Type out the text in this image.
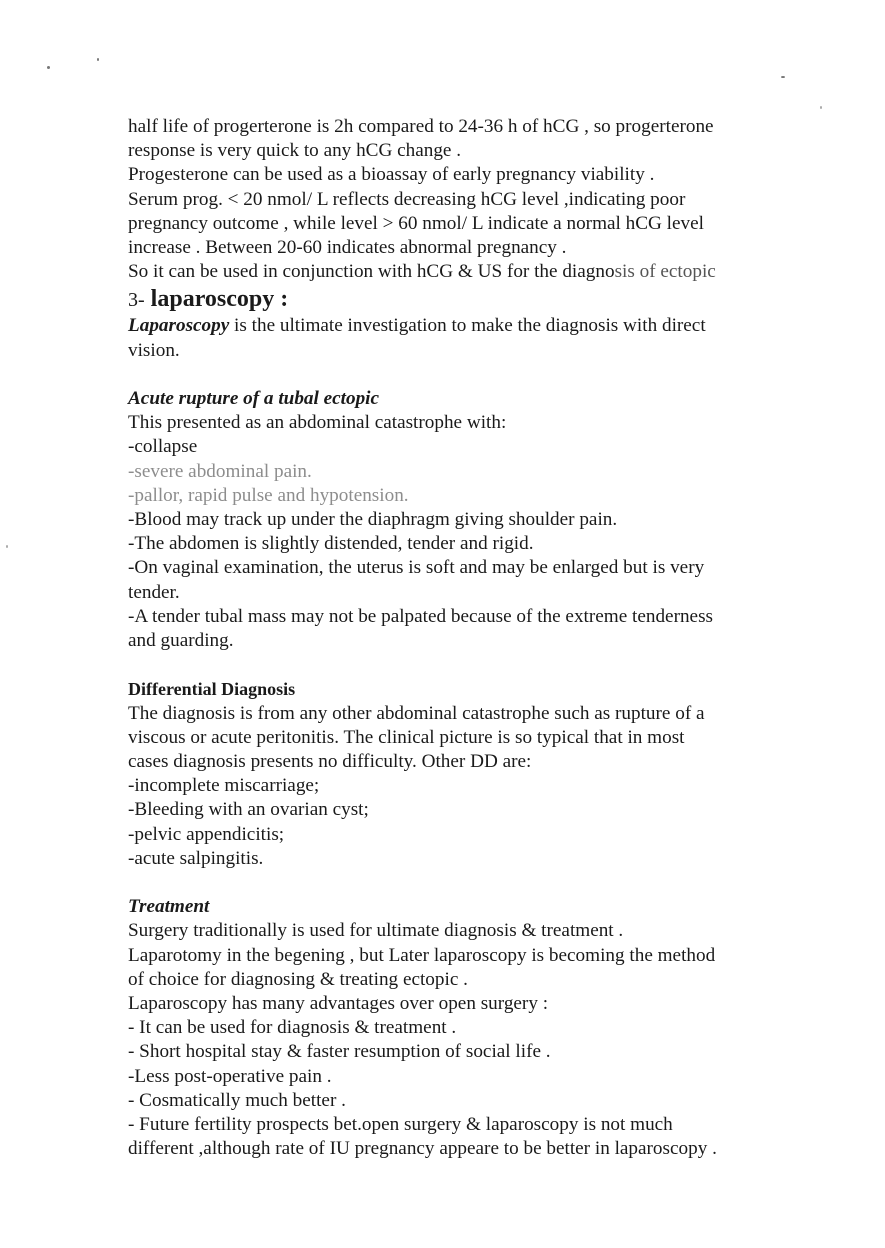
half life of progerterone is 2h compared to 24-36 h of hCG , so progerterone
response is very quick to any hCG change .
Progesterone can be used as a bioassay of early pregnancy viability .
Serum prog. < 20 nmol/ L reflects decreasing hCG level ,indicating poor
pregnancy outcome , while level > 60 nmol/ L indicate a normal hCG level
increase . Between 20-60 indicates abnormal pregnancy .
So it can be used in conjunction with hCG & US for the diagnosis of ectopic
3- laparoscopy :
Laparoscopy is the ultimate investigation to make the diagnosis with direct
vision.
Acute rupture of a tubal ectopic
This presented as an abdominal catastrophe with:
-collapse
-severe abdominal pain.
-pallor, rapid pulse and hypotension.
-Blood may track up under the diaphragm giving shoulder pain.
-The abdomen is slightly distended, tender and rigid.
-On vaginal examination, the uterus is soft and may be enlarged but is very
tender.
-A tender tubal mass may not be palpated because of the extreme tenderness
and guarding.
Differential Diagnosis
The diagnosis is from any other abdominal catastrophe such as rupture of a
viscous or acute peritonitis. The clinical picture is so typical that in most
cases diagnosis presents no difficulty. Other DD are:
-incomplete miscarriage;
-Bleeding with an ovarian cyst;
-pelvic appendicitis;
-acute salpingitis.
Treatment
Surgery traditionally is used for ultimate diagnosis & treatment .
Laparotomy in the begening , but Later laparoscopy is becoming the method
of choice for diagnosing & treating ectopic .
Laparoscopy has many advantages over open surgery :
- It can be used for diagnosis & treatment .
- Short hospital stay & faster resumption of social life .
-Less post-operative pain .
- Cosmatically much better .
- Future fertility prospects bet.open surgery & laparoscopy is not much
different ,although rate of IU pregnancy appeare to be better in laparoscopy .
